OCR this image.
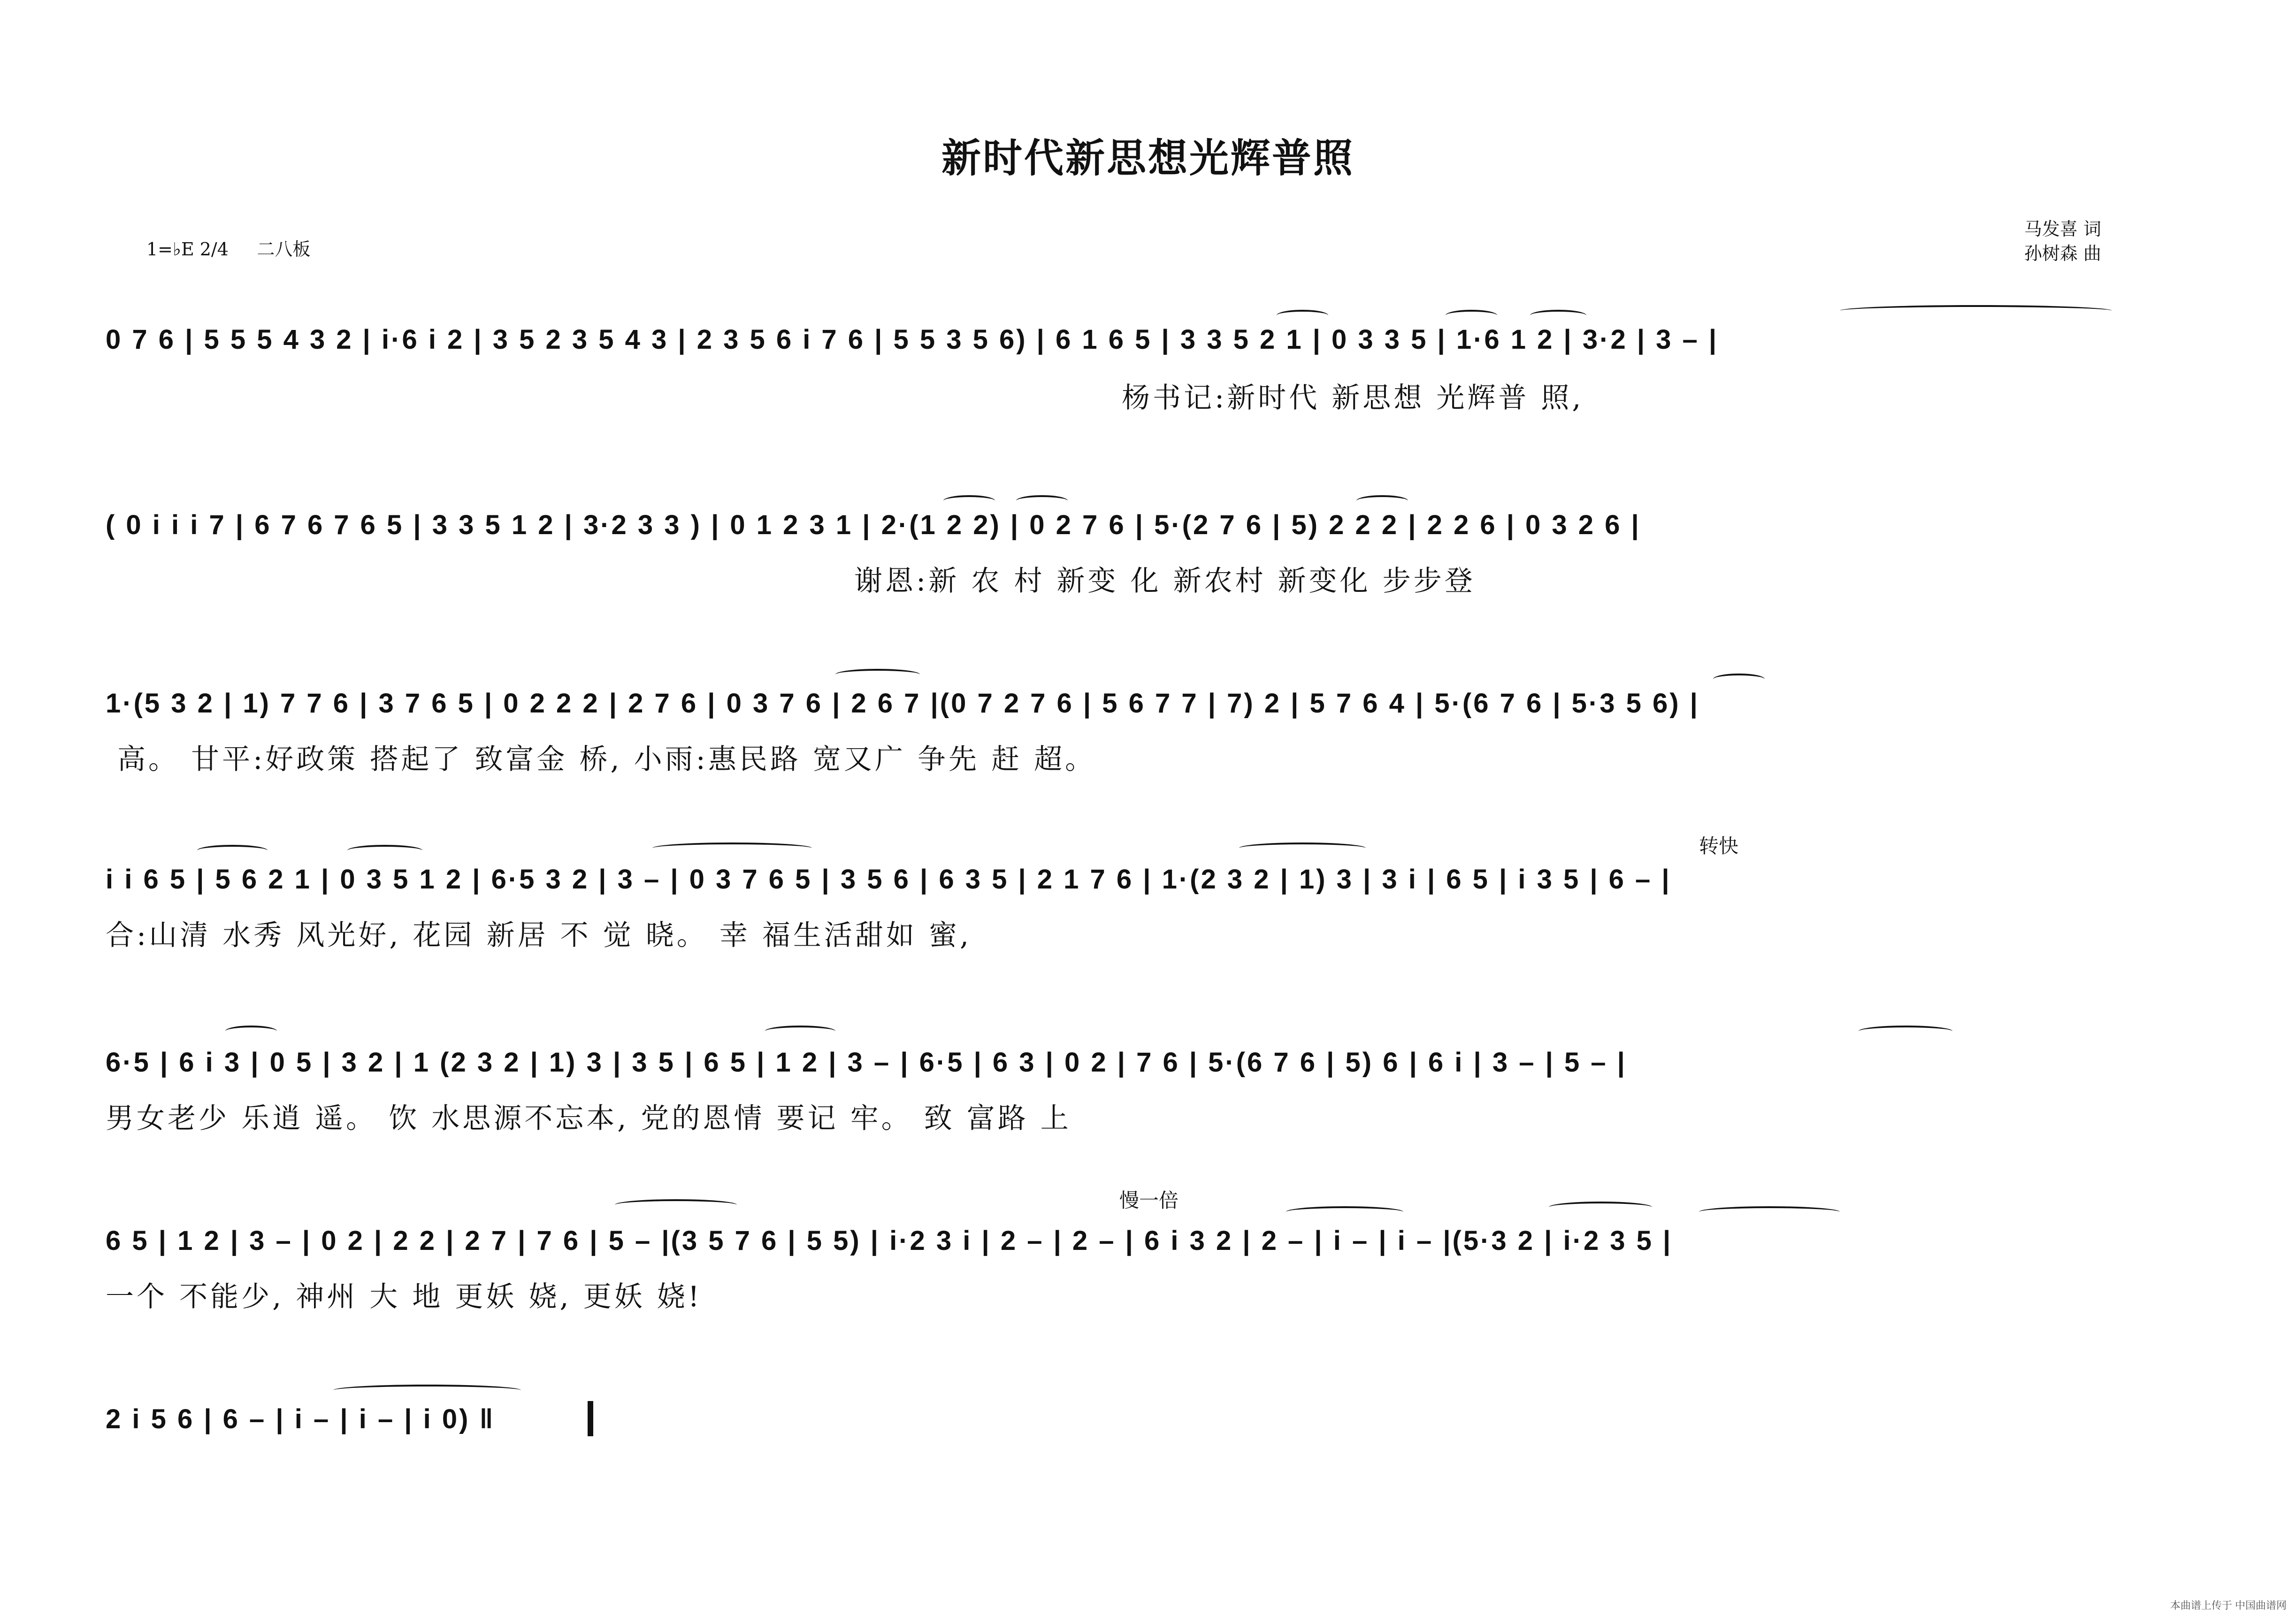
新时代新思想光辉普照
1=♭E 2/4 二八板
马发喜 词
孙树森 曲
0 7 6 | 5 5 5 4 3 2 | i·6 i 2 | 3 5 2 3 5 4 3 | 2 3 5 6 i 7 6 | 5 5 3 5 6) | 6 1 6 5 | 3 3 5 2 1 | 0 3 3 5 | 1·6 1 2 | 3·2 | 3 – |
杨书记:新时代 新思想 光辉普 照,
( 0 i i i 7 | 6 7 6 7 6 5 | 3 3 5 1 2 | 3·2 3 3 ) | 0 1 2 3 1 | 2·(1 2 2) | 0 2 7 6 | 5·(2 7 6 | 5) 2 2 2 | 2 2 6 | 0 3 2 6 |
谢恩:新 农 村 新变 化 新农村 新变化 步步登
1·(5 3 2 | 1) 7 7 6 | 3 7 6 5 | 0 2 2 2 | 2 7 6 | 0 3 7 6 | 2 6 7 |(0 7 2 7 6 | 5 6 7 7 | 7) 2 | 5 7 6 4 | 5·(6 7 6 | 5·3 5 6) |
高。 甘平:好政策 搭起了 致富金 桥, 小雨:惠民路 宽又广 争先 赶 超。
转快
i i 6 5 | 5 6 2 1 | 0 3 5 1 2 | 6·5 3 2 | 3 – | 0 3 7 6 5 | 3 5 6 | 6 3 5 | 2 1 7 6 | 1·(2 3 2 | 1) 3 | 3 i | 6 5 | i 3 5 | 6 – |
合:山清 水秀 风光好, 花园 新居 不 觉 晓。 幸 福生活甜如 蜜,
6·5 | 6 i 3 | 0 5 | 3 2 | 1 (2 3 2 | 1) 3 | 3 5 | 6 5 | 1 2 | 3 – | 6·5 | 6 3 | 0 2 | 7 6 | 5·(6 7 6 | 5) 6 | 6 i | 3 – | 5 – |
男女老少 乐逍 遥。 饮 水思源不忘本, 党的恩情 要记 牢。 致 富路 上
慢一倍
6 5 | 1 2 | 3 – | 0 2 | 2 2 | 2 7 | 7 6 | 5 – |(3 5 7 6 | 5 5) | i·2 3 i | 2 – | 2 – | 6 i 3 2 | 2 – | i – | i – |(5·3 2 | i·2 3 5 |
一个 不能少, 神州 大 地 更妖 娆, 更妖 娆!
2 i 5 6 | 6 – | i – | i – | i 0) ‖
本曲谱上传于 中国曲谱网
